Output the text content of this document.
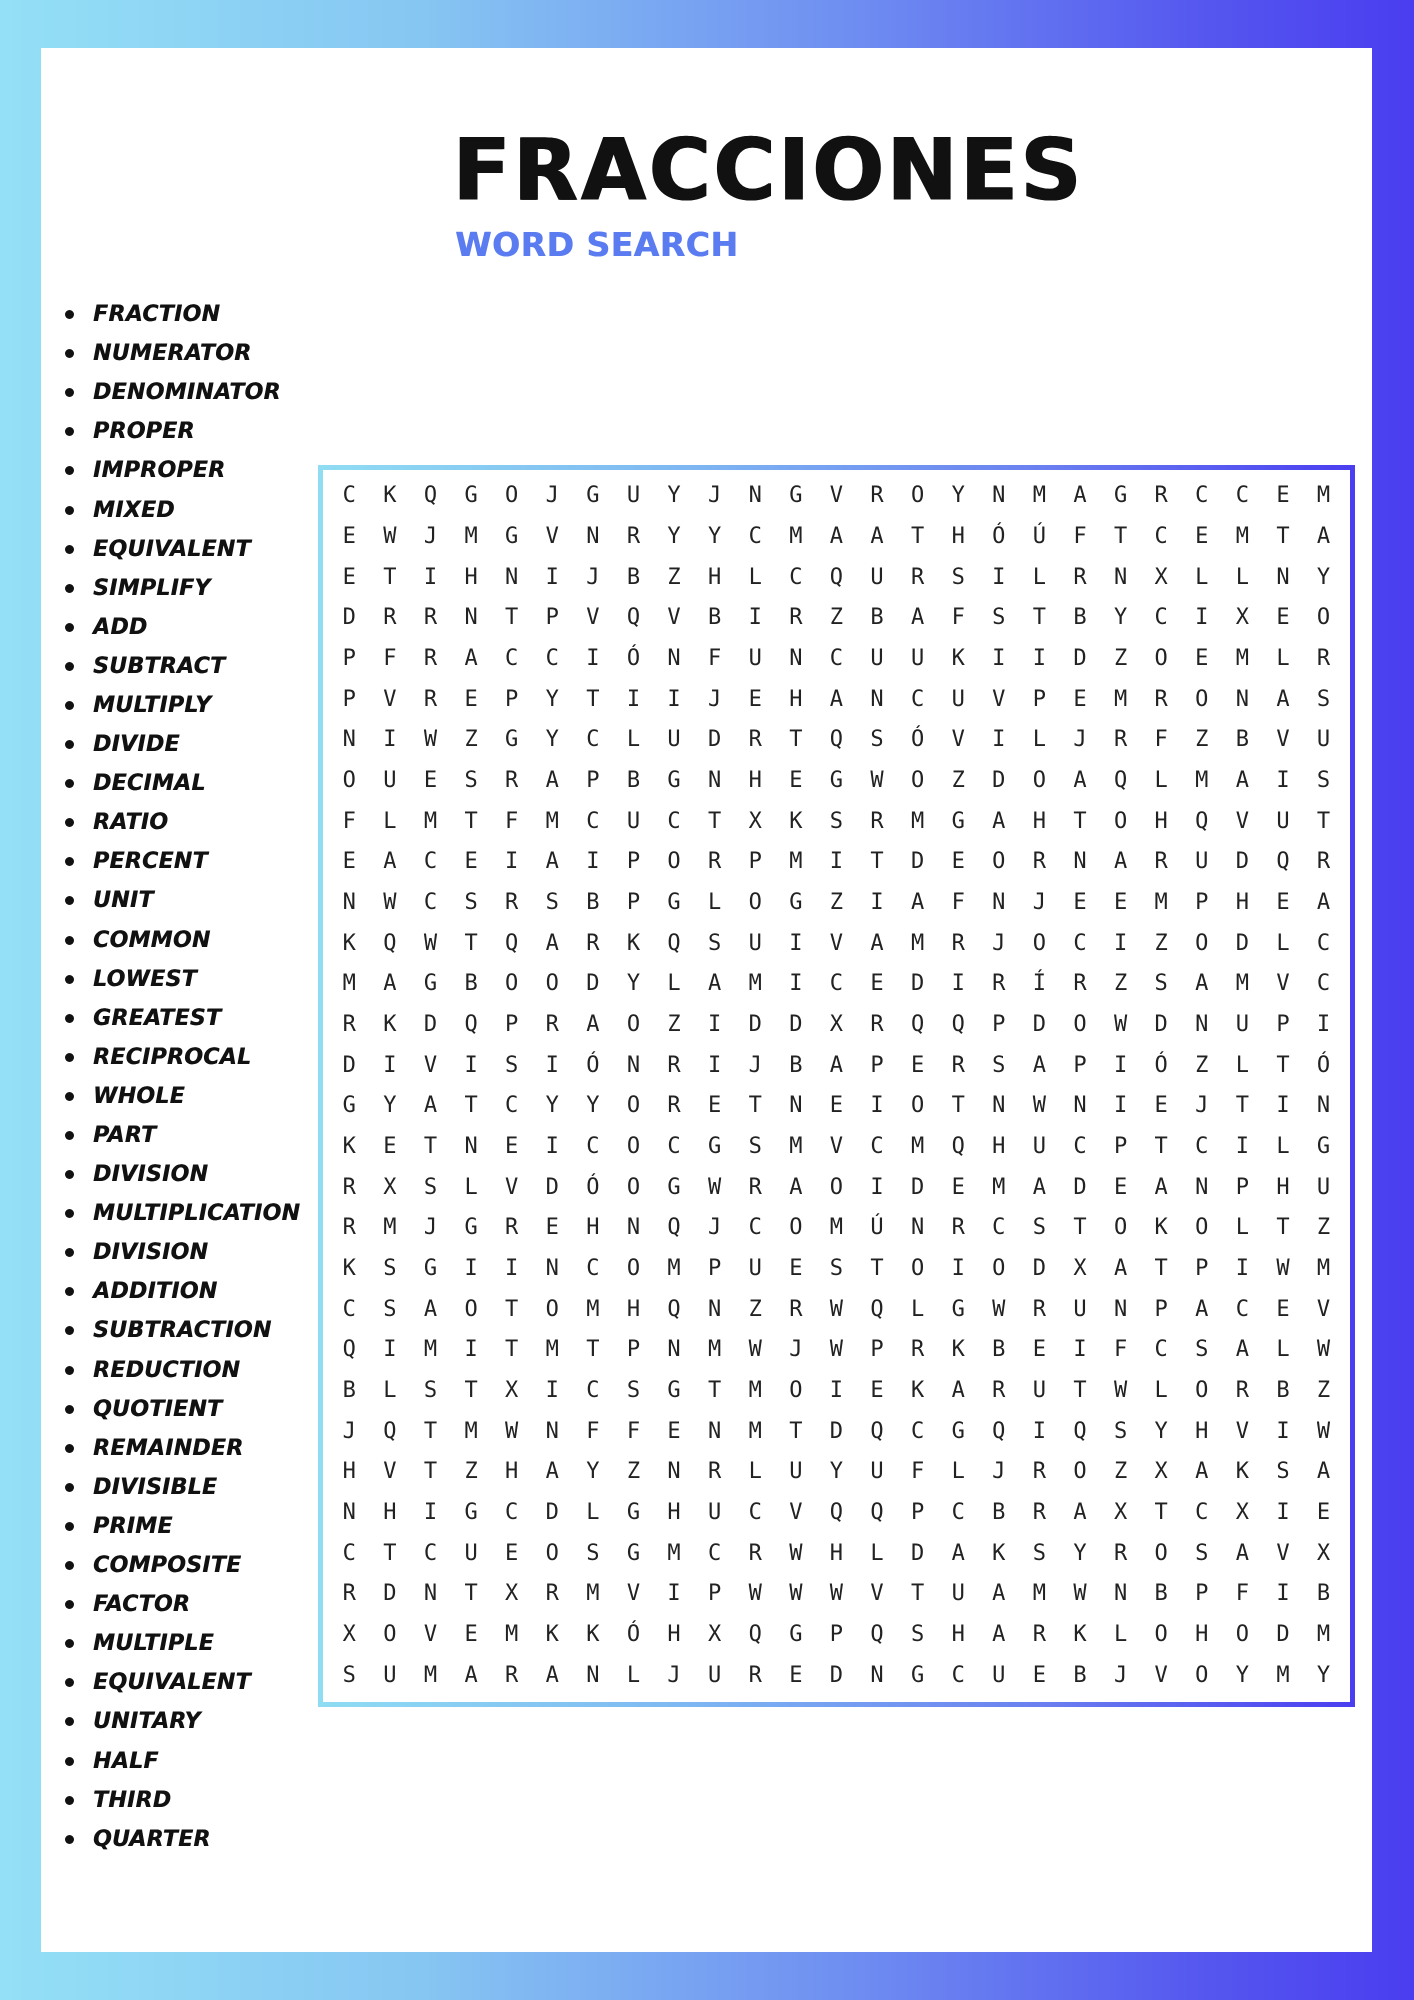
FRACCIONES
WORD SEARCH
FRACTION
NUMERATOR
DENOMINATOR
PROPER
IMPROPER
MIXED
EQUIVALENT
SIMPLIFY
ADD
SUBTRACT
MULTIPLY
DIVIDE
DECIMAL
RATIO
PERCENT
UNIT
COMMON
LOWEST
GREATEST
RECIPROCAL
WHOLE
PART
DIVISION
MULTIPLICATION
DIVISION
ADDITION
SUBTRACTION
REDUCTION
QUOTIENT
REMAINDER
DIVISIBLE
PRIME
COMPOSITE
FACTOR
MULTIPLE
EQUIVALENT
UNITARY
HALF
THIRD
QUARTER
C	K	Q	G	O	J	G	U	Y	J	N	G	V	R	O	Y	N	M	A	G	R	C	C	E	M
E	W	J	M	G	V	N	R	Y	Y	C	M	A	A	T	H	Ó	Ú	F	T	C	E	M	T	A
E	T	I	H	N	I	J	B	Z	H	L	C	Q	U	R	S	I	L	R	N	X	L	L	N	Y
D	R	R	N	T	P	V	Q	V	B	I	R	Z	B	A	F	S	T	B	Y	C	I	X	E	O
P	F	R	A	C	C	I	Ó	N	F	U	N	C	U	U	K	I	I	D	Z	O	E	M	L	R
P	V	R	E	P	Y	T	I	I	J	E	H	A	N	C	U	V	P	E	M	R	O	N	A	S
N	I	W	Z	G	Y	C	L	U	D	R	T	Q	S	Ó	V	I	L	J	R	F	Z	B	V	U
O	U	E	S	R	A	P	B	G	N	H	E	G	W	O	Z	D	O	A	Q	L	M	A	I	S
F	L	M	T	F	M	C	U	C	T	X	K	S	R	M	G	A	H	T	O	H	Q	V	U	T
E	A	C	E	I	A	I	P	O	R	P	M	I	T	D	E	O	R	N	A	R	U	D	Q	R
N	W	C	S	R	S	B	P	G	L	O	G	Z	I	A	F	N	J	E	E	M	P	H	E	A
K	Q	W	T	Q	A	R	K	Q	S	U	I	V	A	M	R	J	O	C	I	Z	O	D	L	C
M	A	G	B	O	O	D	Y	L	A	M	I	C	E	D	I	R	Í	R	Z	S	A	M	V	C
R	K	D	Q	P	R	A	O	Z	I	D	D	X	R	Q	Q	P	D	O	W	D	N	U	P	I
D	I	V	I	S	I	Ó	N	R	I	J	B	A	P	E	R	S	A	P	I	Ó	Z	L	T	Ó
G	Y	A	T	C	Y	Y	O	R	E	T	N	E	I	O	T	N	W	N	I	E	J	T	I	N
K	E	T	N	E	I	C	O	C	G	S	M	V	C	M	Q	H	U	C	P	T	C	I	L	G
R	X	S	L	V	D	Ó	O	G	W	R	A	O	I	D	E	M	A	D	E	A	N	P	H	U
R	M	J	G	R	E	H	N	Q	J	C	O	M	Ú	N	R	C	S	T	O	K	O	L	T	Z
K	S	G	I	I	N	C	O	M	P	U	E	S	T	O	I	O	D	X	A	T	P	I	W	M
C	S	A	O	T	O	M	H	Q	N	Z	R	W	Q	L	G	W	R	U	N	P	A	C	E	V
Q	I	M	I	T	M	T	P	N	M	W	J	W	P	R	K	B	E	I	F	C	S	A	L	W
B	L	S	T	X	I	C	S	G	T	M	O	I	E	K	A	R	U	T	W	L	O	R	B	Z
J	Q	T	M	W	N	F	F	E	N	M	T	D	Q	C	G	Q	I	Q	S	Y	H	V	I	W
H	V	T	Z	H	A	Y	Z	N	R	L	U	Y	U	F	L	J	R	O	Z	X	A	K	S	A
N	H	I	G	C	D	L	G	H	U	C	V	Q	Q	P	C	B	R	A	X	T	C	X	I	E
C	T	C	U	E	O	S	G	M	C	R	W	H	L	D	A	K	S	Y	R	O	S	A	V	X
R	D	N	T	X	R	M	V	I	P	W	W	W	V	T	U	A	M	W	N	B	P	F	I	B
X	O	V	E	M	K	K	Ó	H	X	Q	G	P	Q	S	H	A	R	K	L	O	H	O	D	M
S	U	M	A	R	A	N	L	J	U	R	E	D	N	G	C	U	E	B	J	V	O	Y	M	Y
